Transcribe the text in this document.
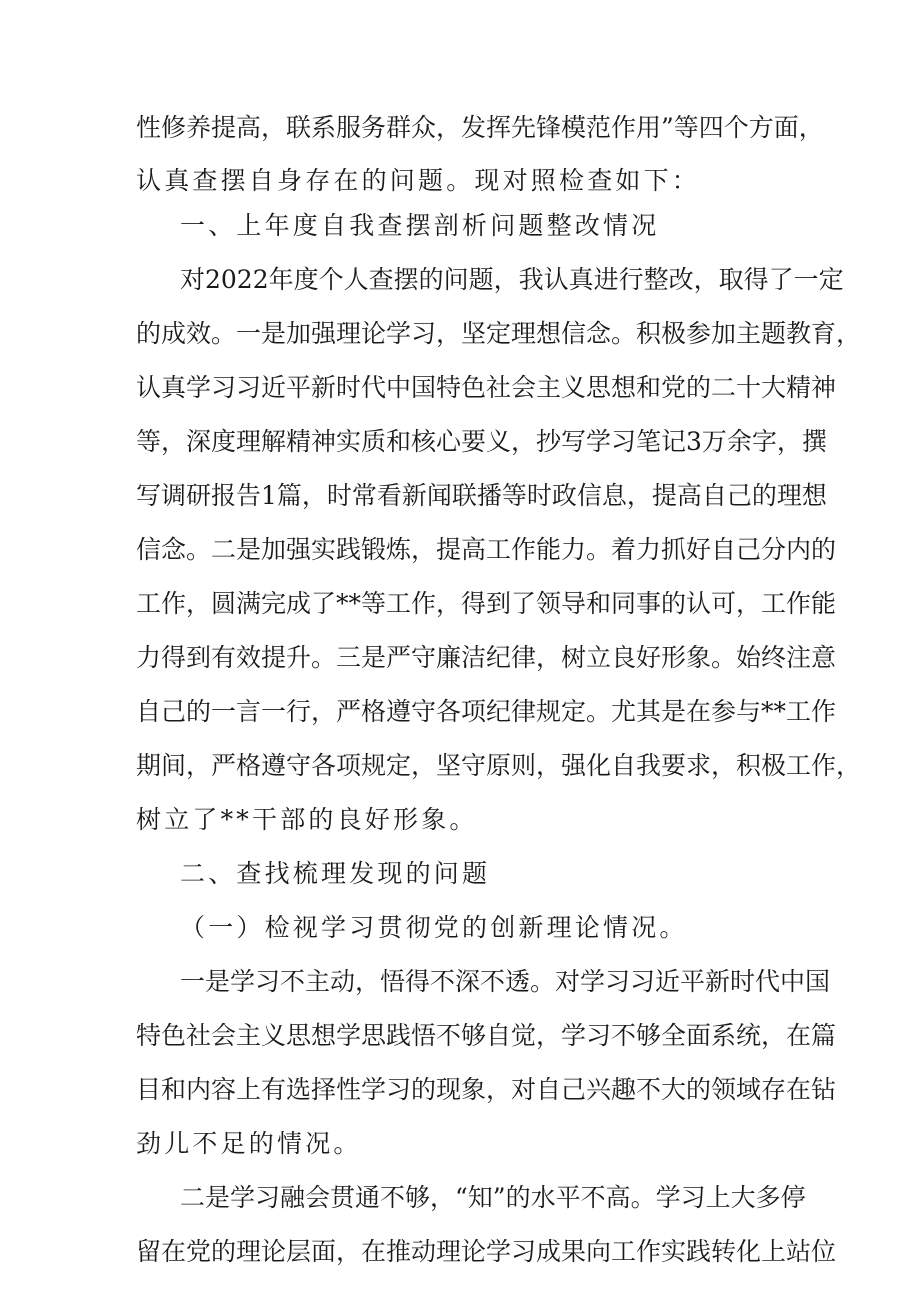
性修养提高，联系服务群众，发挥先锋模范作用”等四个方面，
认真查摆自身存在的问题。现对照检查如下：
一、上年度自我查摆剖析问题整改情况
对2022年度个人查摆的问题，我认真进行整改，取得了一定
的成效。一是加强理论学习，坚定理想信念。积极参加主题教育，
认真学习习近平新时代中国特色社会主义思想和党的二十大精神
等，深度理解精神实质和核心要义，抄写学习笔记3万余字，撰
写调研报告1篇，时常看新闻联播等时政信息，提高自己的理想
信念。二是加强实践锻炼，提高工作能力。着力抓好自己分内的
工作，圆满完成了**等工作，得到了领导和同事的认可，工作能
力得到有效提升。三是严守廉洁纪律，树立良好形象。始终注意
自己的一言一行，严格遵守各项纪律规定。尤其是在参与**工作
期间，严格遵守各项规定，坚守原则，强化自我要求，积极工作，
树立了**干部的良好形象。
二、查找梳理发现的问题
（一）检视学习贯彻党的创新理论情况。
一是学习不主动，悟得不深不透。对学习习近平新时代中国
特色社会主义思想学思践悟不够自觉，学习不够全面系统，在篇
目和内容上有选择性学习的现象，对自己兴趣不大的领域存在钻
劲儿不足的情况。
二是学习融会贯通不够，“知”的水平不高。学习上大多停
留在党的理论层面，在推动理论学习成果向工作实践转化上站位
